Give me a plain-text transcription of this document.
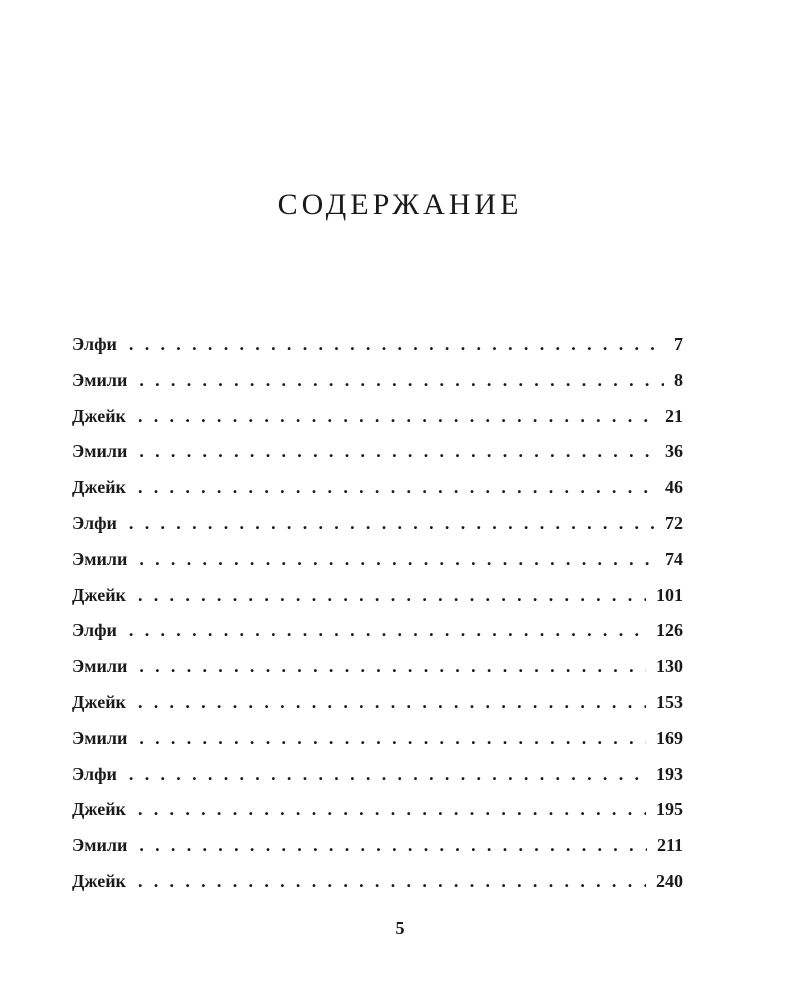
СОДЕРЖАНИЕ
Элфи . . .	7
Эмили . . .	8
Джейк . . .	21
Эмили . . .	36
Джейк . . .	46
Элфи . . .	72
Эмили . . .	74
Джейк . . .	101
Элфи . . .	126
Эмили . . .	130
Джейк . . .	153
Эмили . . .	169
Элфи . . .	193
Джейк . . .	195
Эмили . . .	211
Джейк . . .	240
5
